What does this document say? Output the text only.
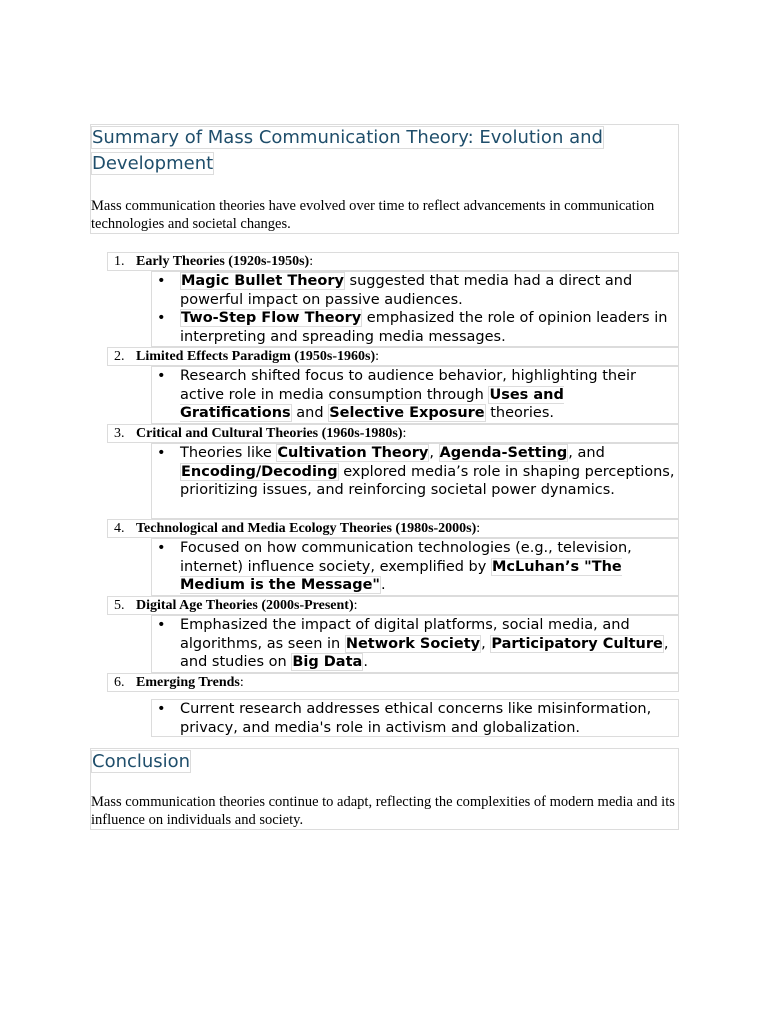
Summary of Mass Communication Theory: Evolution and
Development

Mass communication theories have evolved over time to reflect advancements in communication technologies and societal changes.

1. Early Theories (1920s-1950s):
• Magic Bullet Theory suggested that media had a direct and powerful impact on passive audiences.
• Two-Step Flow Theory emphasized the role of opinion leaders in interpreting and spreading media messages.
2. Limited Effects Paradigm (1950s-1960s):
• Research shifted focus to audience behavior, highlighting their active role in media consumption through Uses and Gratifications and Selective Exposure theories.
3. Critical and Cultural Theories (1960s-1980s):
• Theories like Cultivation Theory, Agenda-Setting, and Encoding/Decoding explored media’s role in shaping perceptions, prioritizing issues, and reinforcing societal power dynamics.
4. Technological and Media Ecology Theories (1980s-2000s):
• Focused on how communication technologies (e.g., television, internet) influence society, exemplified by McLuhan’s "The Medium is the Message".
5. Digital Age Theories (2000s-Present):
• Emphasized the impact of digital platforms, social media, and algorithms, as seen in Network Society, Participatory Culture, and studies on Big Data.
6. Emerging Trends:
• Current research addresses ethical concerns like misinformation, privacy, and media's role in activism and globalization.
Conclusion

Mass communication theories continue to adapt, reflecting the complexities of modern media and its influence on individuals and society.
